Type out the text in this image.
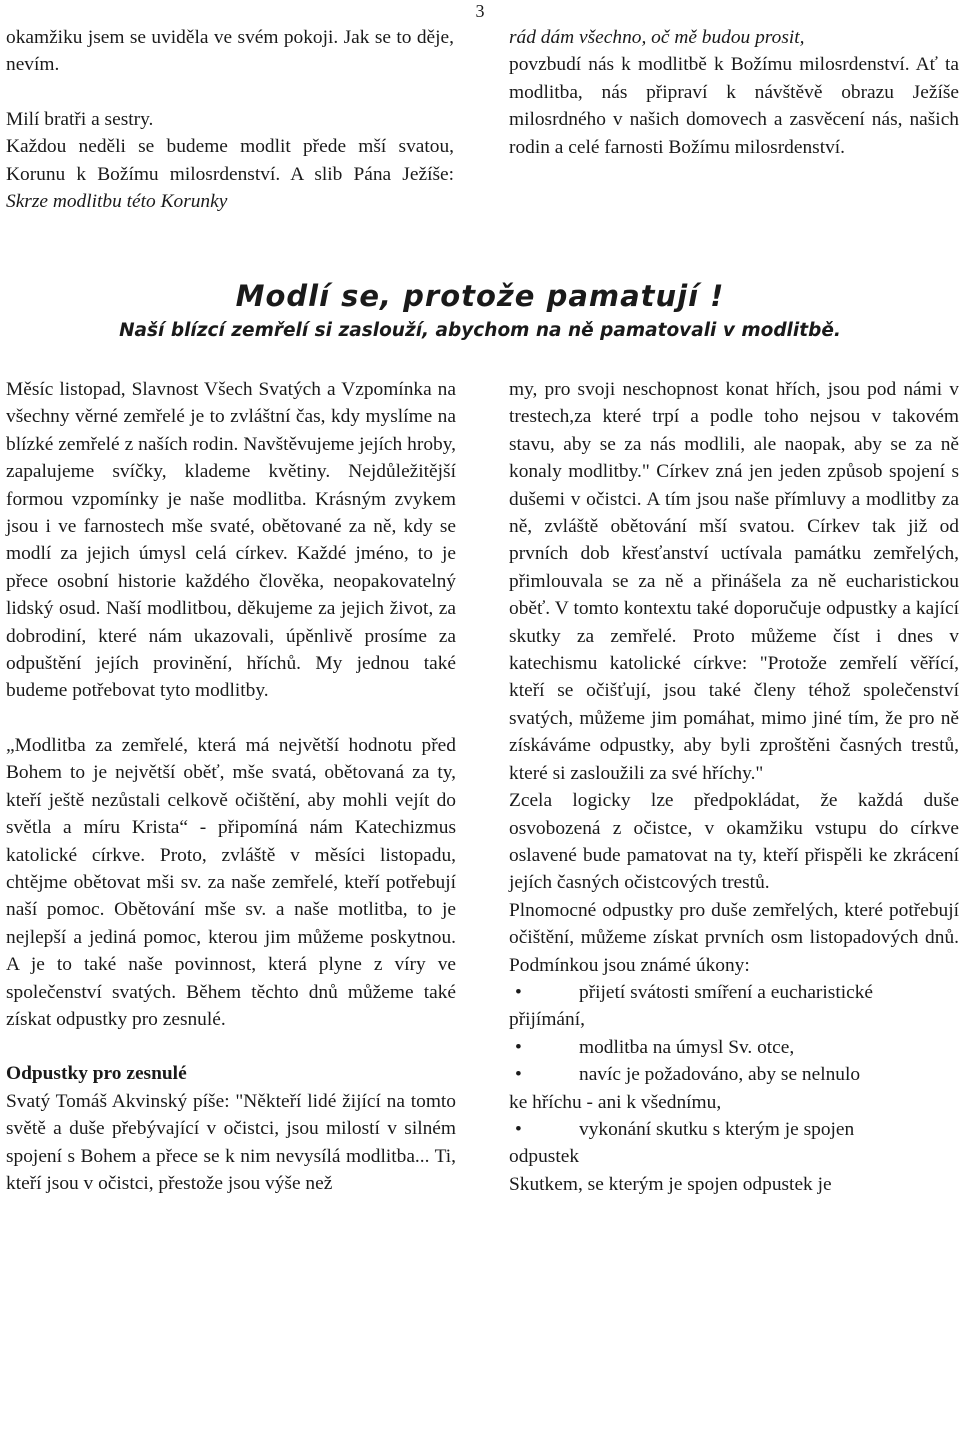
3

okamžiku jsem se uviděla ve svém pokoji. Jak se to děje, nevím.

Milí bratři a sestry.

Každou neděli se budeme modlit přede mší svatou, Korunu k Božímu milosrdenství. A slib Pána Ježíše: Skrze modlitbu této Korunky

rád dám všechno, oč mě budou prosit,

povzbudí nás k modlitbě k Božímu milosrdenství. Ať ta modlitba, nás připraví k návštěvě obrazu Ježíše milosrdného v našich domovech a zasvěcení nás, našich rodin a celé farnosti Božímu milosrdenství.

Modlí se, protože pamatují !
Naší blízcí zemřelí si zaslouží, abychom na ně pamatovali v modlitbě.

Měsíc listopad, Slavnost Všech Svatých a Vzpomínka na všechny věrné zemřelé je to zvláštní čas, kdy myslíme na blízké zemřelé z naších rodin. Navštěvujeme jejích hroby, zapalujeme svíčky, klademe květiny. Nejdůležitější formou vzpomínky je naše modlitba. Krásným zvykem jsou i ve farnostech mše svaté, obětované za ně, kdy se modlí za jejich úmysl celá církev. Každé jméno, to je přece osobní historie každého člověka, neopakovatelný lidský osud. Naší modlitbou, děkujeme za jejich život, za dobrodiní, které nám ukazovali, úpěnlivě prosíme za odpuštění jejích provinění, hříchů. My jednou také budeme potřebovat tyto modlitby.

„Modlitba za zemřelé, která má největší hodnotu před Bohem to je největší oběť, mše svatá, obětovaná za ty, kteří ještě nezůstali celkově očištění, aby mohli vejít do světla a míru Krista“ - připomíná nám Katechizmus katolické církve. Proto, zvláště v měsíci listopadu, chtějme obětovat mši sv. za naše zemřelé, kteří potřebují naší pomoc. Obětování mše sv. a naše motlitba, to je nejlepší a jediná pomoc, kterou jim můžeme poskytnou. A je to také naše povinnost, která plyne z víry ve společenství svatých. Během těchto dnů můžeme také získat odpustky pro zesnulé.

Odpustky pro zesnulé

Svatý Tomáš Akvinský píše: "Někteří lidé žijící na tomto světě a duše přebývající v očistci, jsou milostí v silném spojení s Bohem a přece se k nim nevysílá modlitba... Ti, kteří jsou v očistci, přestože jsou výše než

my, pro svoji neschopnost konat hřích, jsou pod námi v trestech,za které trpí a podle toho nejsou v takovém stavu, aby se za nás modlili, ale naopak, aby se za ně konaly modlitby." Církev zná jen jeden způsob spojení s dušemi v očistci. A tím jsou naše přímluvy a modlitby za ně, zvláště obětování mší svatou. Církev tak již od prvních dob křesťanství uctívala památku zemřelých, přimlouvala se za ně a přinášela za ně eucharistickou oběť. V tomto kontextu také doporučuje odpustky a kající skutky za zemřelé. Proto můžeme číst i dnes v katechismu katolické církve: "Protože zemřelí věřící, kteří se očišťují, jsou také členy téhož společenství svatých, můžeme jim pomáhat, mimo jiné tím, že pro ně získáváme odpustky, aby byli zproštěni časných trestů, které si zasloužili za své hříchy."

Zcela logicky lze předpokládat, že každá duše osvobozená z očistce, v okamžiku vstupu do církve oslavené bude pamatovat na ty, kteří přispěli ke zkrácení jejích časných očistcových trestů.

Plnomocné odpustky pro duše zemřelých, které potřebují očištění, můžeme získat prvních osm listopadových dnů. Podmínkou jsou známé úkony:

•	přijetí svátosti smíření a eucharistické
přijímání,
•	modlitba na úmysl Sv. otce,
•	navíc je požadováno, aby se nelnulo
ke hříchu - ani k všednímu,
•	vykonání skutku s kterým je spojen
odpustek

Skutkem, se kterým je spojen odpustek je
